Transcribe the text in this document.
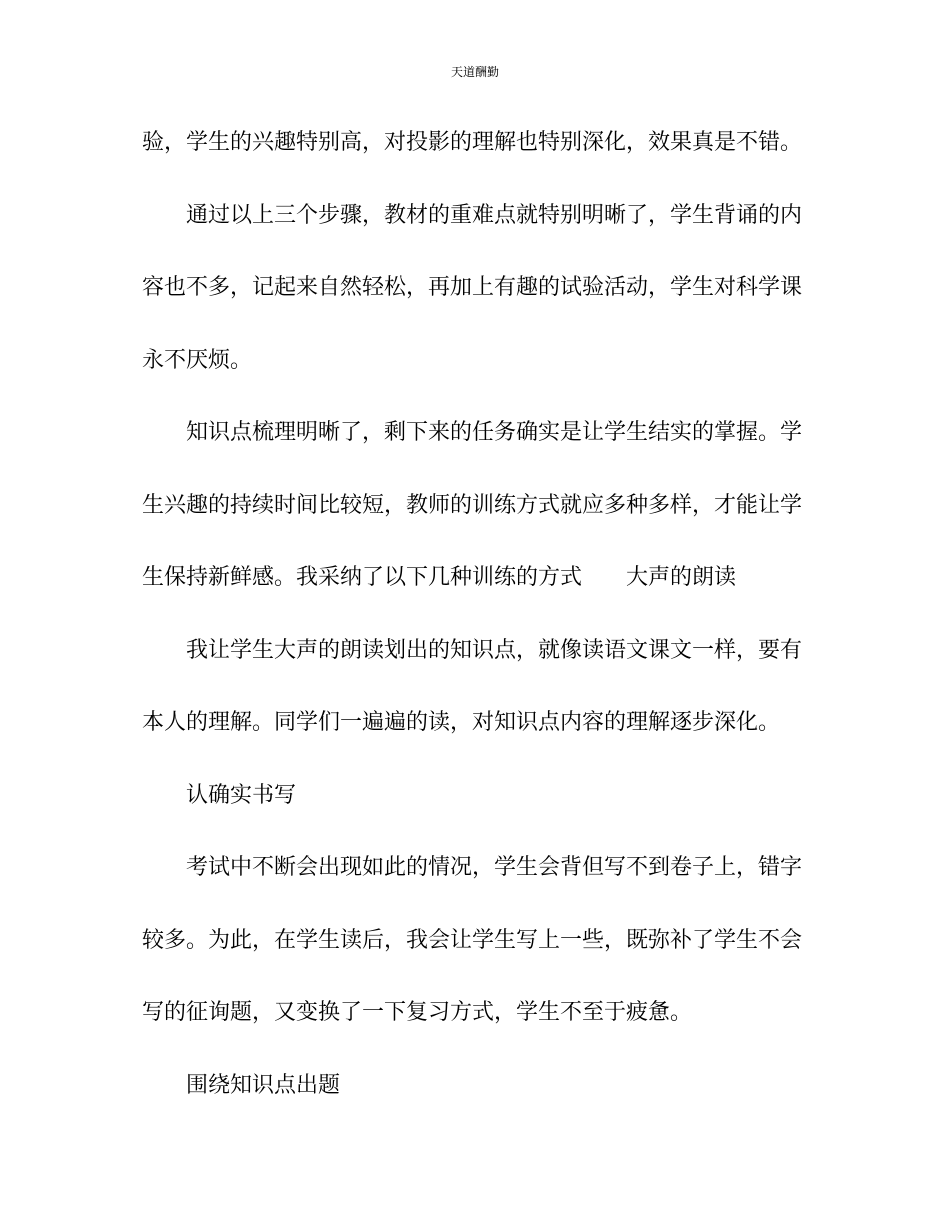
天道酬勤
验，学生的兴趣特别高，对投影的理解也特别深化，效果真是不错。
通过以上三个步骤，教材的重难点就特别明晰了，学生背诵的内
容也不多，记起来自然轻松，再加上有趣的试验活动，学生对科学课
永不厌烦。
知识点梳理明晰了，剩下来的任务确实是让学生结实的掌握。学
生兴趣的持续时间比较短，教师的训练方式就应多种多样，才能让学
生保持新鲜感。我采纳了以下几种训练的方式　　大声的朗读
我让学生大声的朗读划出的知识点，就像读语文课文一样，要有
本人的理解。同学们一遍遍的读，对知识点内容的理解逐步深化。
认确实书写
考试中不断会出现如此的情况，学生会背但写不到卷子上，错字
较多。为此，在学生读后，我会让学生写上一些，既弥补了学生不会
写的征询题，又变换了一下复习方式，学生不至于疲惫。
围绕知识点出题
